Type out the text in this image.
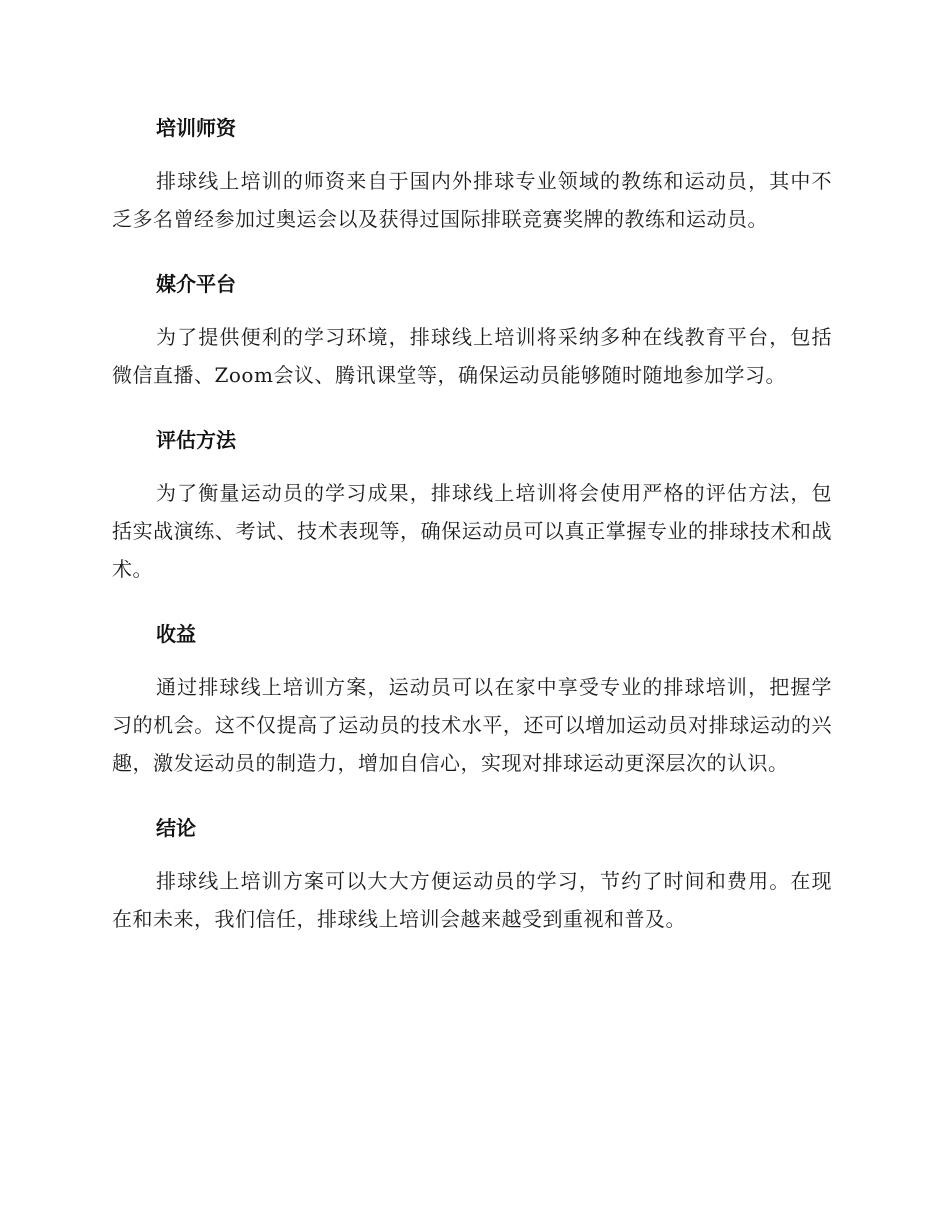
培训师资

排球线上培训的师资来自于国内外排球专业领域的教练和运动员，其中不乏多名曾经参加过奥运会以及获得过国际排联竞赛奖牌的教练和运动员。

媒介平台

为了提供便利的学习环境，排球线上培训将采纳多种在线教育平台，包括微信直播、Zoom会议、腾讯课堂等，确保运动员能够随时随地参加学习。

评估方法

为了衡量运动员的学习成果，排球线上培训将会使用严格的评估方法，包括实战演练、考试、技术表现等，确保运动员可以真正掌握专业的排球技术和战术。

收益

通过排球线上培训方案，运动员可以在家中享受专业的排球培训，把握学习的机会。这不仅提高了运动员的技术水平，还可以增加运动员对排球运动的兴趣，激发运动员的制造力，增加自信心，实现对排球运动更深层次的认识。

结论

排球线上培训方案可以大大方便运动员的学习，节约了时间和费用。在现在和未来，我们信任，排球线上培训会越来越受到重视和普及。
